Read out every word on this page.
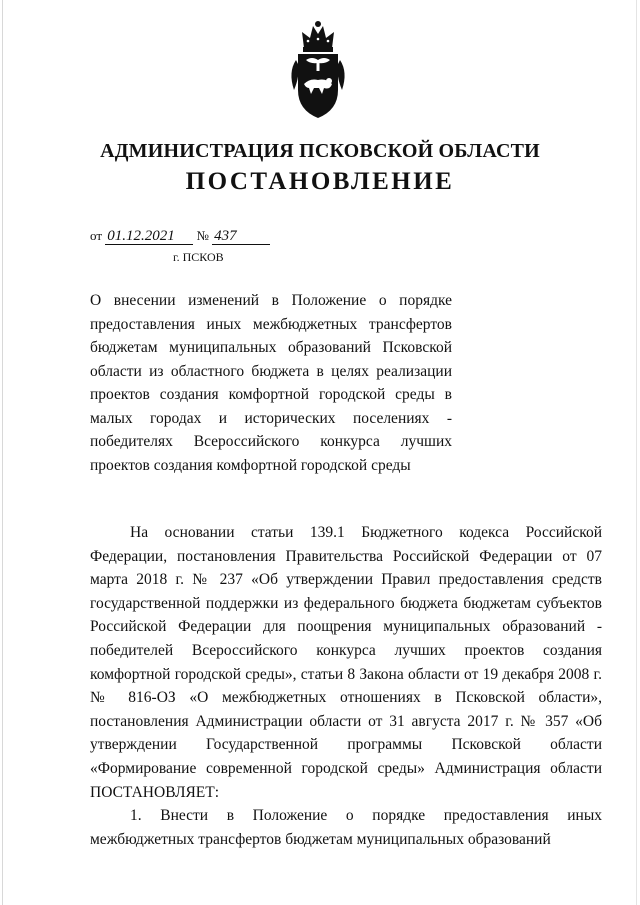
АДМИНИСТРАЦИЯ ПСКОВСКОЙ ОБЛАСТИ
ПОСТАНОВЛЕНИЕ
от 01.12.2021 № 437
г. ПСКОВ
О внесении изменений в Положение о порядке предоставления иных межбюджетных трансфертов бюджетам муниципальных образований Псковской области из областного бюджета в целях реализации проектов создания комфортной городской среды в малых городах и исторических поселениях - победителях Всероссийского конкурса лучших проектов создания комфортной городской среды

На основании статьи 139.1 Бюджетного кодекса Российской Федерации, постановления Правительства Российской Федерации от 07 марта 2018 г. № 237 «Об утверждении Правил предоставления средств государственной поддержки из федерального бюджета бюджетам субъектов Российской Федерации для поощрения муниципальных образований - победителей Всероссийского конкурса лучших проектов создания комфортной городской среды», статьи 8 Закона области от 19 декабря 2008 г. № 816-ОЗ «О межбюджетных отношениях в Псковской области», постановления Администрации области от 31 августа 2017 г. № 357 «Об утверждении Государственной программы Псковской области «Формирование современной городской среды» Администрация области ПОСТАНОВЛЯЕТ:

1. Внести в Положение о порядке предоставления иных межбюджетных трансфертов бюджетам муниципальных образований
